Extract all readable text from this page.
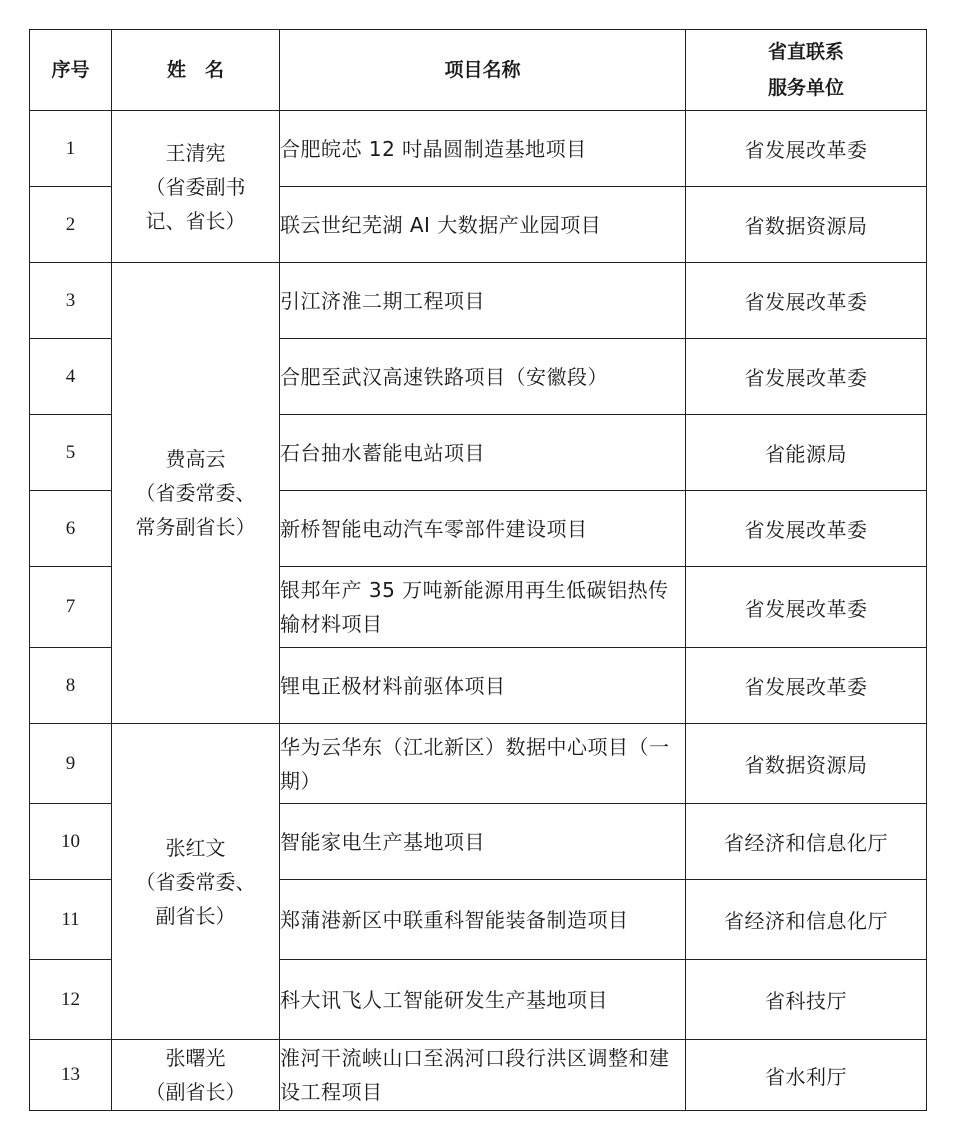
序号	姓　名	项目名称	省直联系
服务单位

1	王清宪
（省委副书
记、省长）	合肥皖芯 12 吋晶圆制造基地项目	省发展改革委
2		联云世纪芜湖 AI 大数据产业园项目	省数据资源局
3	费高云
（省委常委、
常务副省长）	引江济淮二期工程项目	省发展改革委
4		合肥至武汉高速铁路项目（安徽段）	省发展改革委
5		石台抽水蓄能电站项目	省能源局
6		新桥智能电动汽车零部件建设项目	省发展改革委
7		银邦年产 35 万吨新能源用再生低碳铝热传输材料项目	省发展改革委
8		锂电正极材料前驱体项目	省发展改革委
9	张红文
（省委常委、
副省长）	华为云华东（江北新区）数据中心项目（一期）	省数据资源局
10		智能家电生产基地项目	省经济和信息化厅
11		郑蒲港新区中联重科智能装备制造项目	省经济和信息化厅
12		科大讯飞人工智能研发生产基地项目	省科技厅
13	张曙光
（副省长）	淮河干流峡山口至涡河口段行洪区调整和建设工程项目	省水利厅
